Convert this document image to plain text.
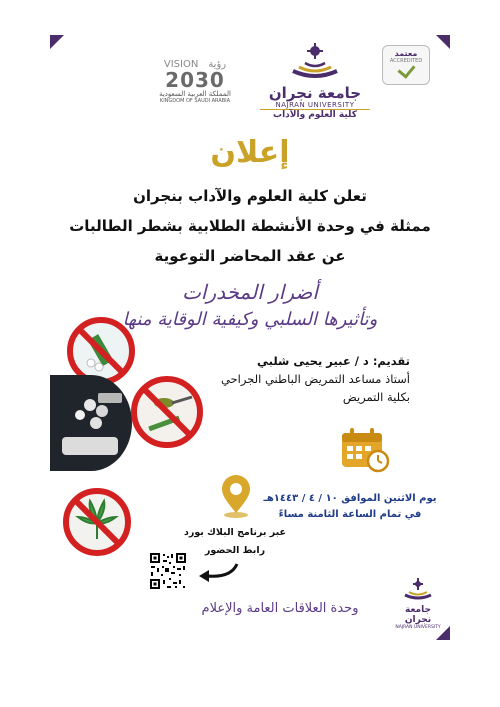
معتمد
ACCREDITED
جامعة نجران
NAJRAN UNIVERSITY
كلية العلوم والآداب
VISION رؤية
2030
المملكة العربية السعودية
KINGDOM OF SAUDI ARABIA
إعلان
تعلن كلية العلوم والآداب بنجران
ممثلة في وحدة الأنشطة الطلابية بشطر الطالبات
عن عقد المحاضر التوعوية
أضرار المخدرات
وتأثيرها السلبي وكيفية الوقاية منها
تقديم: د / عبير يحيى شلبي
أستاذ مساعد التمريض الباطني الجراحي
بكلية التمريض
يوم الاثنين الموافق ١٠ / ٤ / ١٤٤٣هـ
في تمام الساعة الثامنة مساءً
عبر برنامج البلاك بورد
رابط الحضور
وحدة العلاقات العامة والإعلام	جامعة نجران
NAJRAN UNIVERSITY
